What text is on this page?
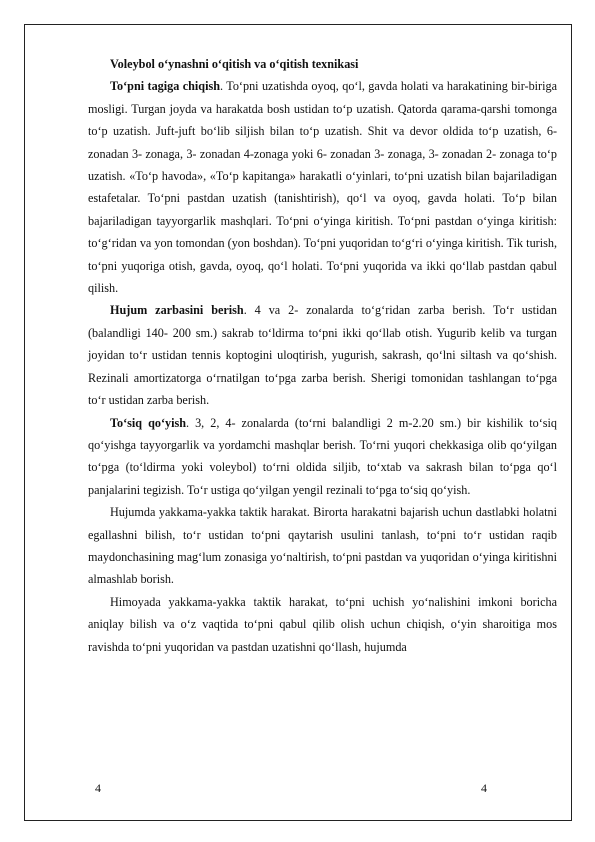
Voleybol o‘ynashni o‘qitish va o‘qitish texnikasi

To‘pni tagiga chiqish. To‘pni uzatishda oyoq, qo‘l, gavda holati va harakatining bir-biriga mosligi. Turgan joyda va harakatda bosh ustidan to‘p uzatish. Qatorda qarama-qarshi tomonga to‘p uzatish. Juft-juft bo‘lib siljish bilan to‘p uzatish. Shit va devor oldida to‘p uzatish, 6- zonadan 3- zonaga, 3- zonadan 4-zonaga yoki 6- zonadan 3- zonaga, 3- zonadan 2- zonaga to‘p uzatish. «To‘p havoda», «To‘p kapitanga» harakatli o‘yinlari, to‘pni uzatish bilan bajariladigan estafetalar. To‘pni pastdan uzatish (tanishtirish), qo‘l va oyoq, gavda holati. To‘p bilan bajariladigan tayyorgarlik mashqlari. To‘pni o‘yinga kiritish. To‘pni pastdan o‘yinga kiritish: to‘g‘ridan va yon tomondan (yon boshdan). To‘pni yuqoridan to‘g‘ri o‘yinga kiritish. Tik turish, to‘pni yuqoriga otish, gavda, oyoq, qo‘l holati. To‘pni yuqorida va ikki qo‘llab pastdan qabul qilish.

Hujum zarbasini berish. 4 va 2- zonalarda to‘g‘ridan zarba berish. To‘r ustidan (balandligi 140- 200 sm.) sakrab to‘ldirma to‘pni ikki qo‘llab otish. Yugurib kelib va turgan joyidan to‘r ustidan tennis koptogini uloqtirish, yugurish, sakrash, qo‘lni siltash va qo‘shish. Rezinali amortizatorga o‘rnatilgan to‘pga zarba berish. Sherigi tomonidan tashlangan to‘pga to‘r ustidan zarba berish.

To‘siq qo‘yish. 3, 2, 4- zonalarda (to‘rni balandligi 2 m-2.20 sm.) bir kishilik to‘siq qo‘yishga tayyorgarlik va yordamchi mashqlar berish. To‘rni yuqori chekkasiga olib qo‘yilgan to‘pga (to‘ldirma yoki voleybol) to‘rni oldida siljib, to‘xtab va sakrash bilan to‘pga qo‘l panjalarini tegizish. To‘r ustiga qo‘yilgan yengil rezinali to‘pga to‘siq qo‘yish.

Hujumda yakkama-yakka taktik harakat. Birorta harakatni bajarish uchun dastlabki holatni egallashni bilish, to‘r ustidan to‘pni qaytarish usulini tanlash, to‘pni to‘r ustidan raqib maydonchasining mag‘lum zonasiga yo‘naltirish, to‘pni pastdan va yuqoridan o‘yinga kiritishni almashlab borish.

Himoyada yakkama-yakka taktik harakat, to‘pni uchish yo‘nalishini imkoni boricha aniqlay bilish va o‘z vaqtida to‘pni qabul qilib olish uchun chiqish, o‘yin sharoitiga mos ravishda to‘pni yuqoridan va pastdan uzatishni qo‘llash, hujumda

4	4
